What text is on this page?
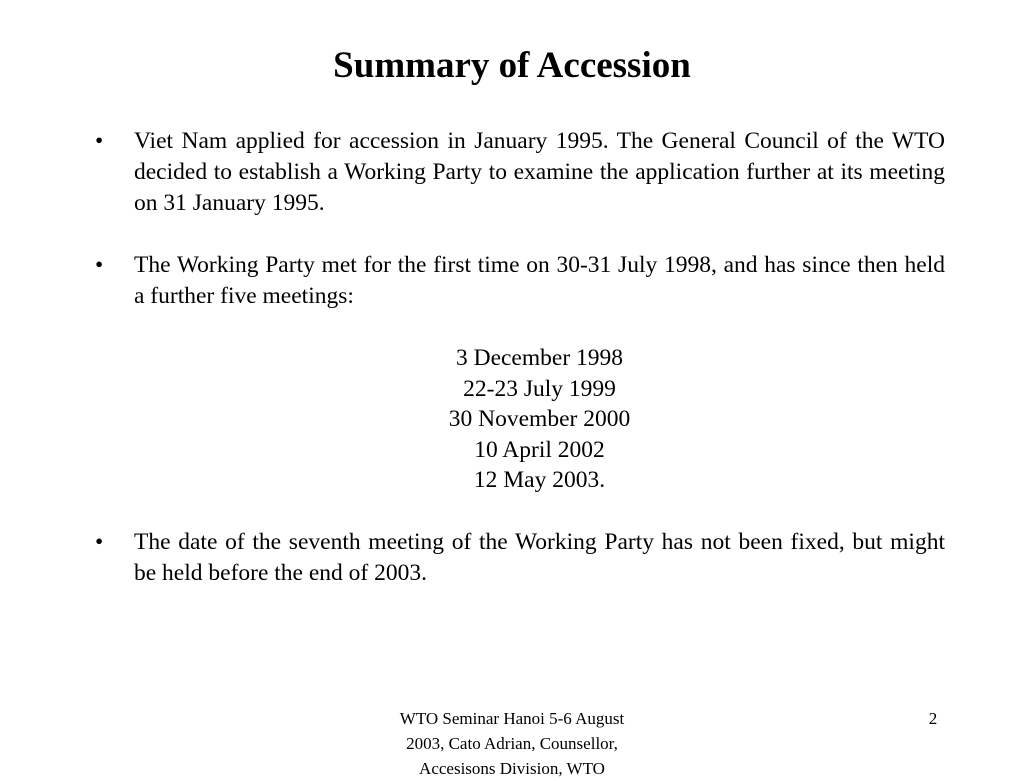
Summary of Accession
•	Viet Nam applied for accession in January 1995. The General Council of the WTO decided to establish a Working Party to examine the application further at its meeting on 31 January 1995.
•	The Working Party met for the first time on 30-31 July 1998, and has since then held a further five meetings:
3 December 1998
22-23 July 1999
30 November 2000
10 April 2002
12 May 2003.
•	The date of the seventh meeting of the Working Party has not been fixed, but might be held before the end of 2003.
WTO Seminar Hanoi 5-6 August
2003, Cato Adrian, Counsellor,
Accesisons Division, WTO
2
